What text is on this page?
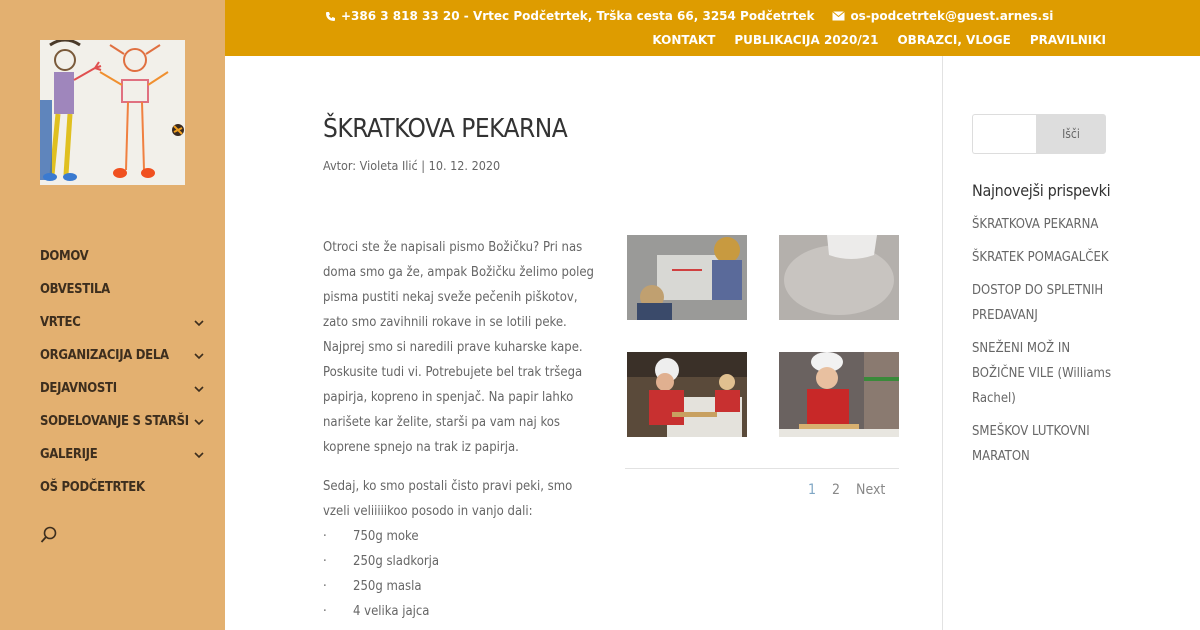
DOMOV
OBVESTILA
VRTEC
ORGANIZACIJA DELA
DEJAVNOSTI
SODELOVANJE S STARŠI
GALERIJE
OŠ PODČETRTEK
+386 3 818 33 20 - Vrtec Podčetrtek, Trška cesta 66, 3254 Podčetrtek	os-podcetrtek@guest.arnes.si
KONTAKT PUBLIKACIJA 2020/21 OBRAZCI, VLOGE PRAVILNIKI
ŠKRATKOVA PEKARNA
Avtor: Violeta Ilić | 10. 12. 2020

Otroci ste že napisali pismo Božičku? Pri nas doma smo ga že, ampak Božičku želimo poleg pisma pustiti nekaj sveže pečenih piškotov, zato smo zavihnili rokave in se lotili peke.
Najprej smo si naredili prave kuharske kape. Poskusite tudi vi. Potrebujete bel trak tršega papirja, kopreno in spenjač. Na papir lahko narišete kar želite, starši pa vam naj kos koprene spnejo na trak iz papirja.

Sedaj, ko smo postali čisto pravi peki, smo vzeli veliiiiikoo posodo in vanjo dali:

·	750g moke
·	250g sladkorja
·	250g masla
·	4 velika jajca
1 2 Next
Išči
Najnovejši prispevki
ŠKRATKOVA PEKARNA
ŠKRATEK POMAGALČEK
DOSTOP DO SPLETNIH PREDAVANJ
SNEŽENI MOŽ IN BOŽIČNE VILE (Williams Rachel)
SMEŠKOV LUTKOVNI MARATON
